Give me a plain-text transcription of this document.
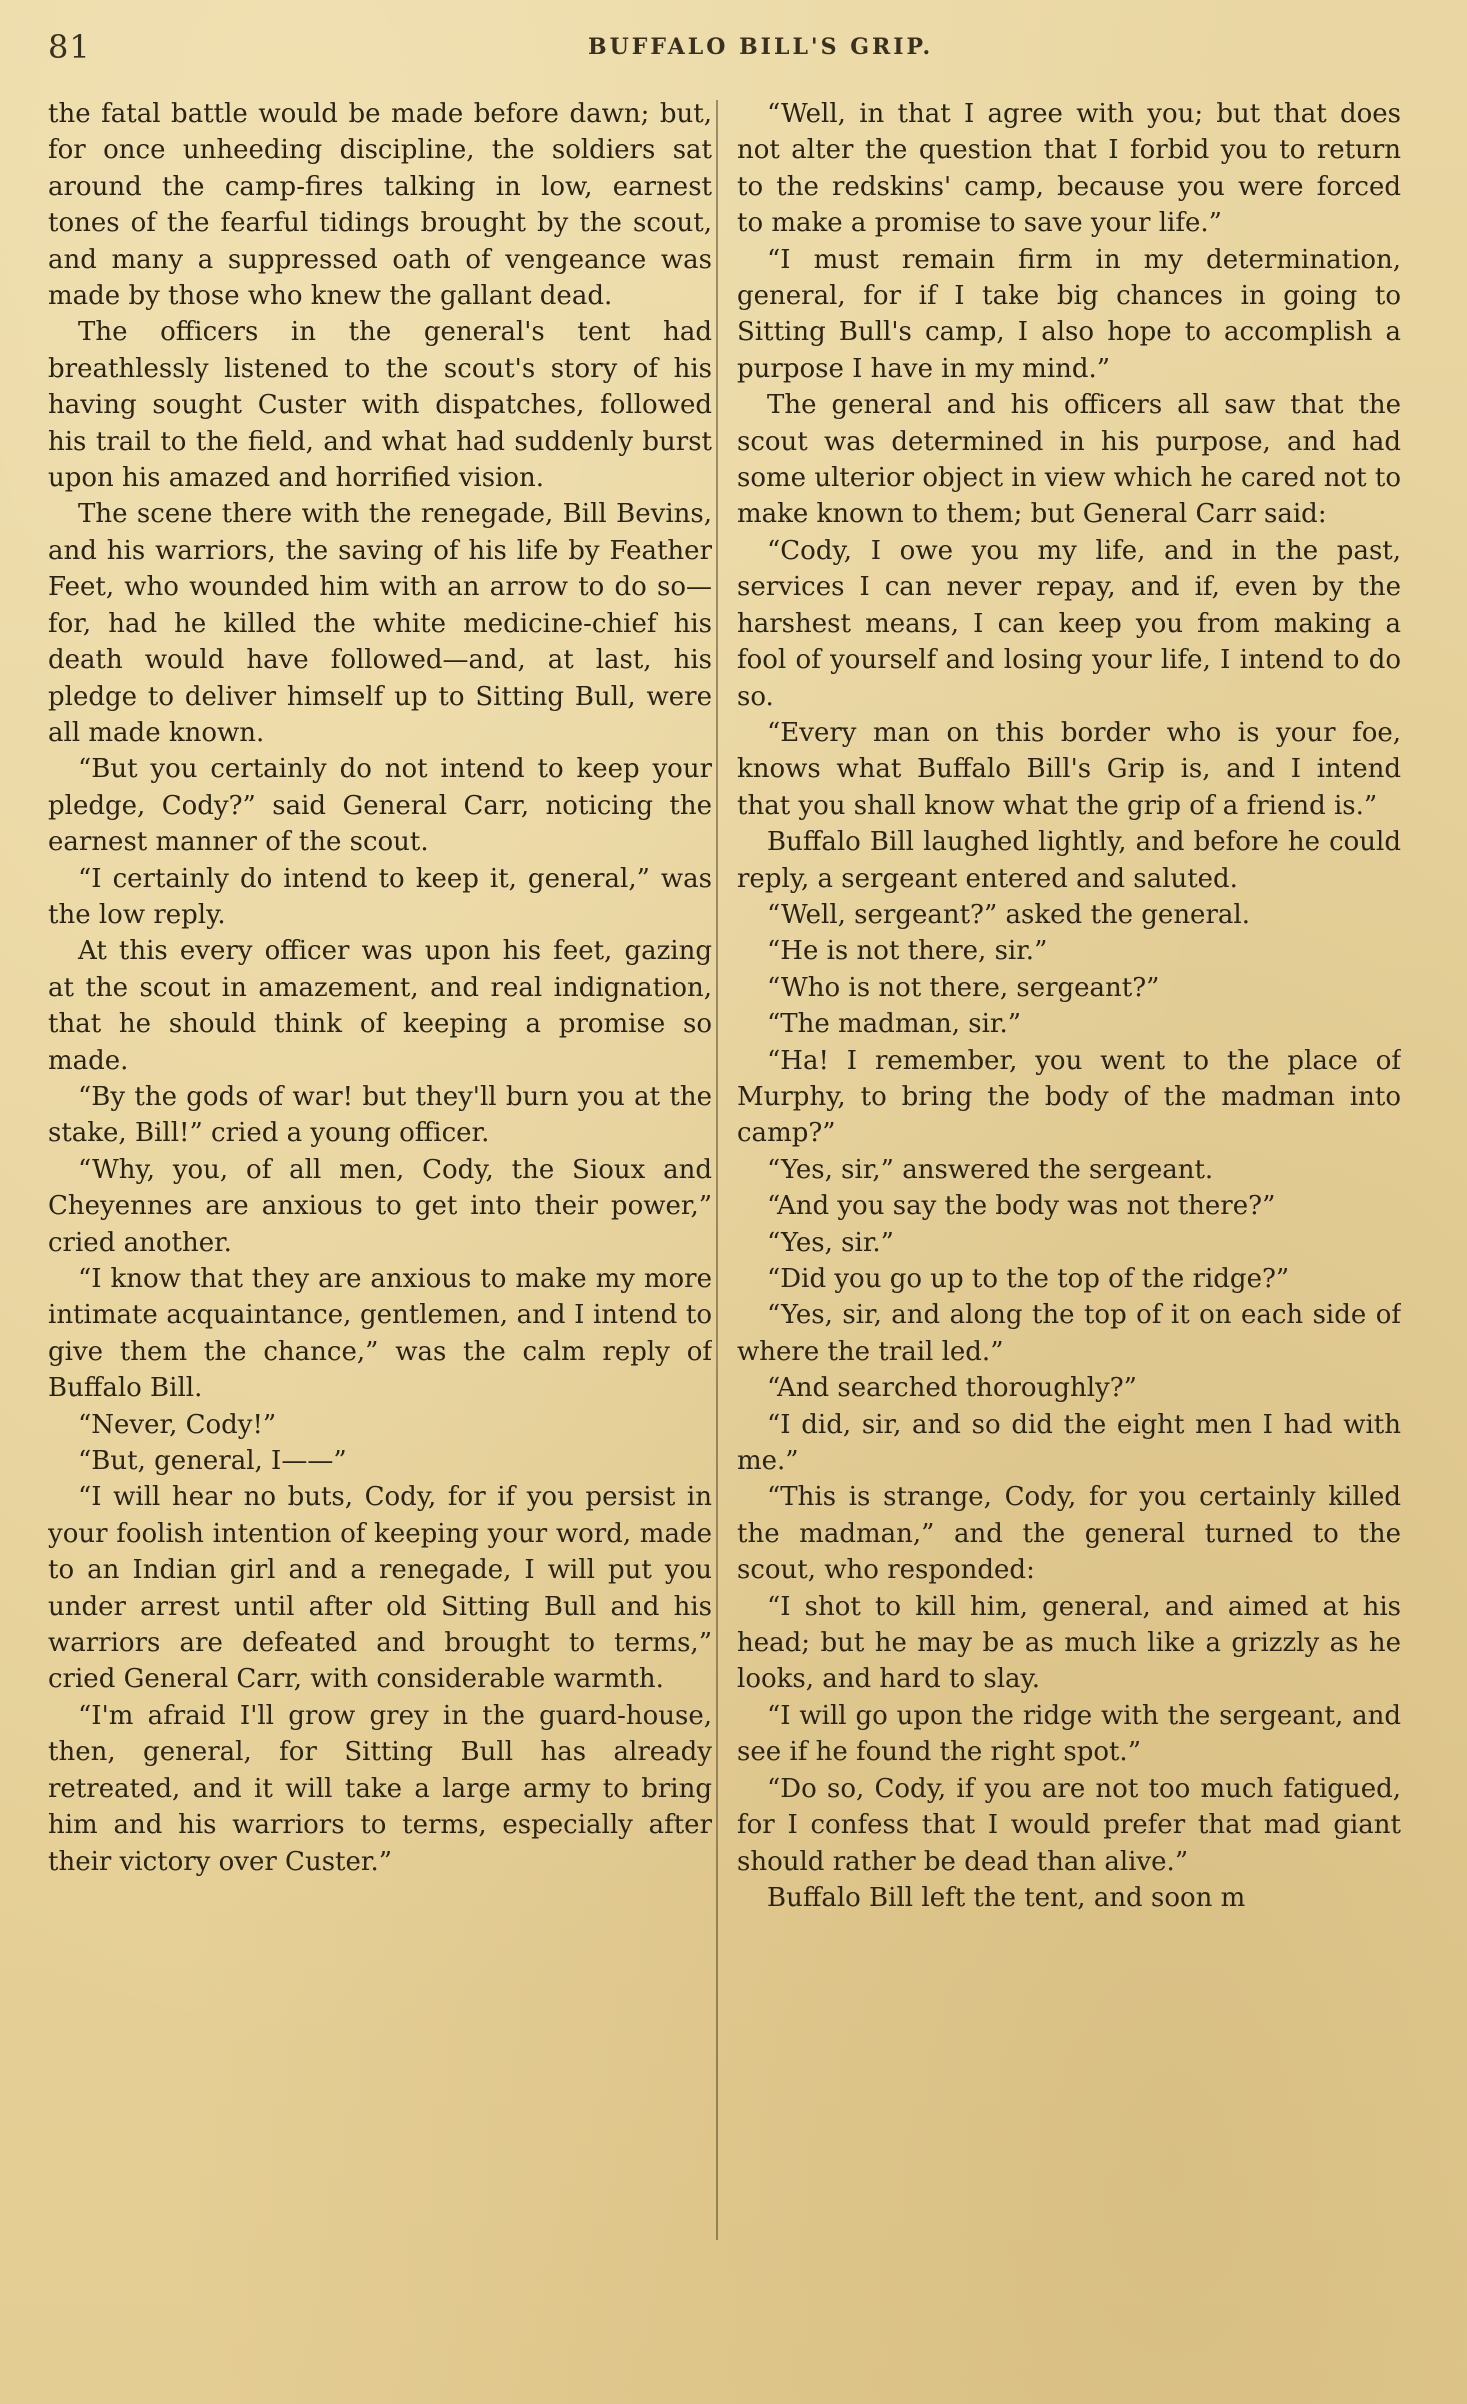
81	BUFFALO BILL'S GRIP.

the fatal battle would be made before dawn; but, for once unheeding discipline, the soldiers sat around the camp-fires talking in low, earnest tones of the fearful tidings brought by the scout, and many a suppressed oath of vengeance was made by those who knew the gallant dead.

The officers in the general's tent had breathlessly listened to the scout's story of his having sought Custer with dispatches, followed his trail to the field, and what had suddenly burst upon his amazed and horrified vision.

The scene there with the renegade, Bill Bevins, and his warriors, the saving of his life by Feather Feet, who wounded him with an arrow to do so—for, had he killed the white medicine-chief his death would have followed—and, at last, his pledge to deliver himself up to Sitting Bull, were all made known.

“But you certainly do not intend to keep your pledge, Cody?” said General Carr, noticing the earnest manner of the scout.

“I certainly do intend to keep it, general,” was the low reply.

At this every officer was upon his feet, gazing at the scout in amazement, and real indignation, that he should think of keeping a promise so made.

“By the gods of war! but they'll burn you at the stake, Bill!” cried a young officer.

“Why, you, of all men, Cody, the Sioux and Cheyennes are anxious to get into their power,” cried another.

“I know that they are anxious to make my more intimate acquaintance, gentlemen, and I intend to give them the chance,” was the calm reply of Buffalo Bill.

“Never, Cody!”

“But, general, I——”

“I will hear no buts, Cody, for if you persist in your foolish intention of keeping your word, made to an Indian girl and a renegade, I will put you under arrest until after old Sitting Bull and his warriors are defeated and brought to terms,” cried General Carr, with considerable warmth.

“I'm afraid I'll grow grey in the guard-house, then, general, for Sitting Bull has already retreated, and it will take a large army to bring him and his warriors to terms, especially after their victory over Custer.”

“Well, in that I agree with you; but that does not alter the question that I forbid you to return to the redskins' camp, because you were forced to make a promise to save your life.”

“I must remain firm in my determination, general, for if I take big chances in going to Sitting Bull's camp, I also hope to accomplish a purpose I have in my mind.”

The general and his officers all saw that the scout was determined in his purpose, and had some ulterior object in view which he cared not to make known to them; but General Carr said:

“Cody, I owe you my life, and in the past, services I can never repay, and if, even by the harshest means, I can keep you from making a fool of yourself and losing your life, I intend to do so.

“Every man on this border who is your foe, knows what Buffalo Bill's Grip is, and I intend that you shall know what the grip of a friend is.”

Buffalo Bill laughed lightly, and before he could reply, a sergeant entered and saluted.

“Well, sergeant?” asked the general.

“He is not there, sir.”

“Who is not there, sergeant?”

“The madman, sir.”

“Ha! I remember, you went to the place of Murphy, to bring the body of the madman into camp?”

“Yes, sir,” answered the sergeant.

“And you say the body was not there?”

“Yes, sir.”

“Did you go up to the top of the ridge?”

“Yes, sir, and along the top of it on each side of where the trail led.”

“And searched thoroughly?”

“I did, sir, and so did the eight men I had with me.”

“This is strange, Cody, for you certainly killed the madman,” and the general turned to the scout, who responded:

“I shot to kill him, general, and aimed at his head; but he may be as much like a grizzly as he looks, and hard to slay.

“I will go upon the ridge with the sergeant, and see if he found the right spot.”

“Do so, Cody, if you are not too much fatigued, for I confess that I would prefer that mad giant should rather be dead than alive.”

Buffalo Bill left the tent, and soon m
